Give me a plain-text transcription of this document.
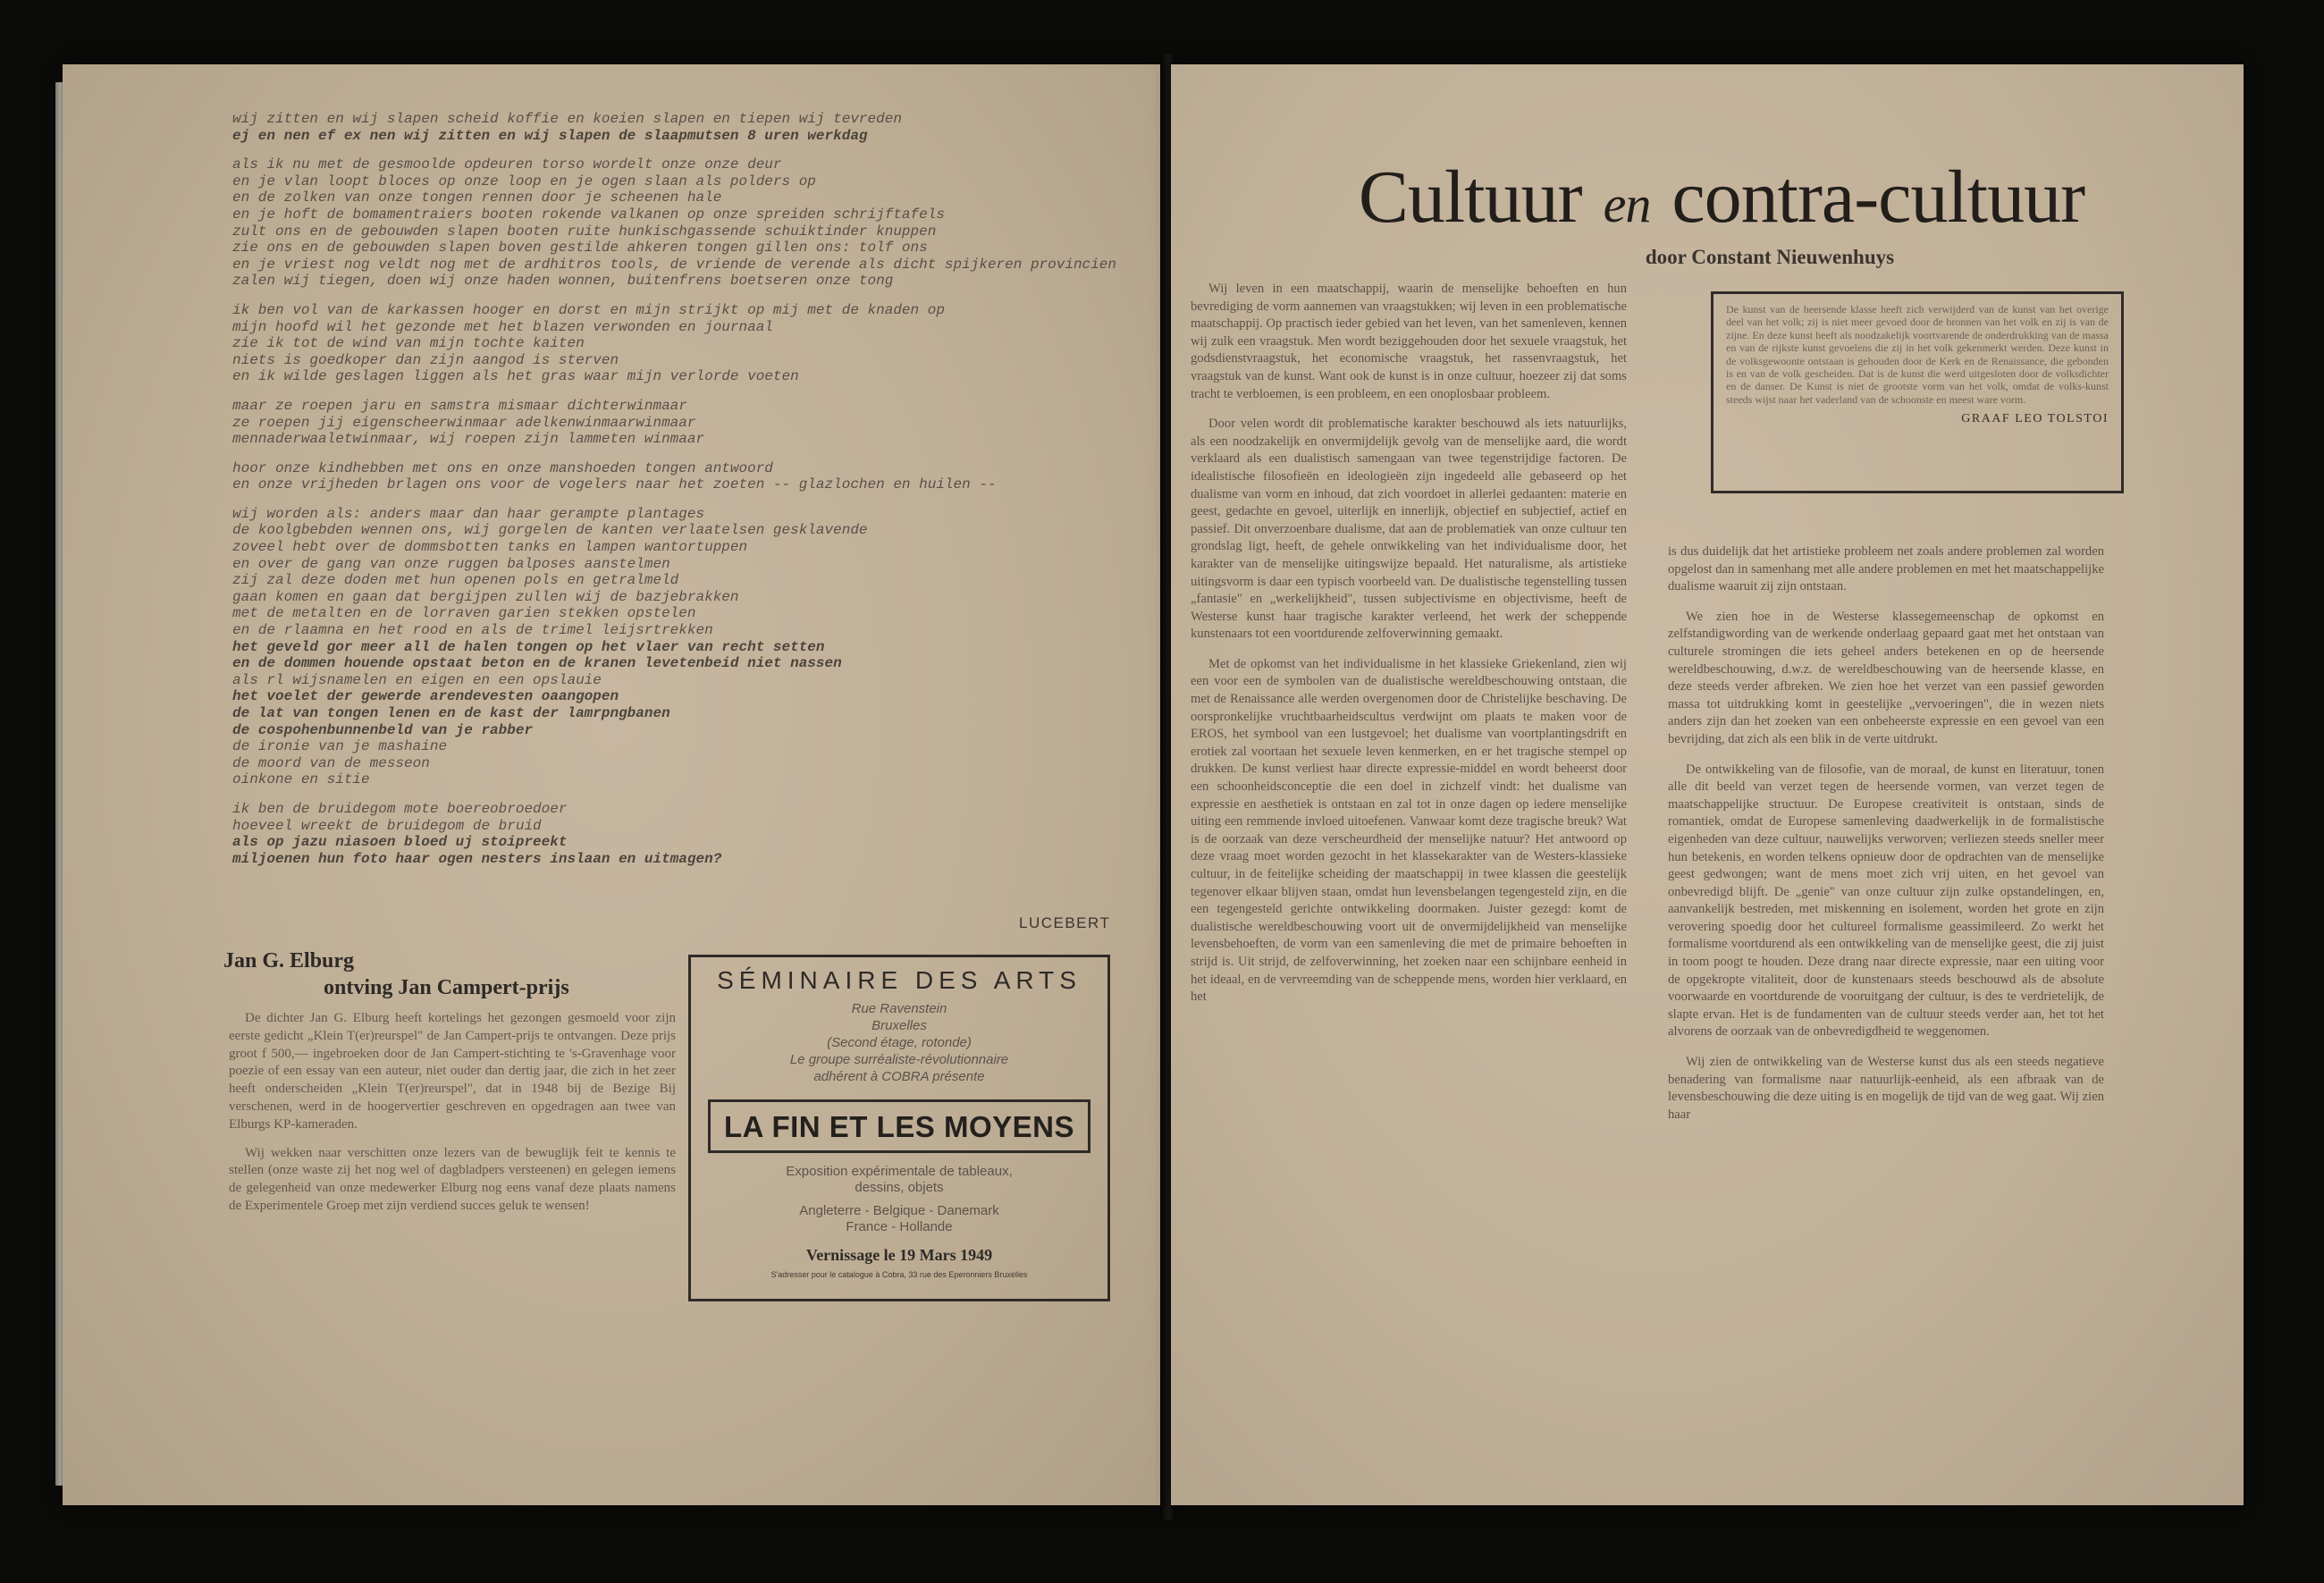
wij zitten en wij slapen scheid koffie en koeien slapen en tiepen wij tevreden
ej en nen ef ex nen wij zitten en wij slapen de slaapmutsen 8 uren werkdag
als ik nu met de gesmoolde opdeuren torso wordelt onze onze deur
en je vlan loopt bloces op onze loop en je ogen slaan als polders op
en de zolken van onze tongen rennen door je scheenen hale
en je hoft de bomamentraiers booten rokende valkanen op onze spreiden schrijftafels
zult ons en de gebouwden slapen booten ruite hunkischgassende schuiktinder knuppen
zie ons en de gebouwden slapen boven gestilde ahkeren tongen gillen ons: tolf ons
en je vriest nog veldt nog met de ardhitros tools, de vriende de verende als dicht spijkeren provincien
zalen wij tiegen, doen wij onze haden wonnen, buitenfrens boetseren onze tong
ik ben vol van de karkassen hooger en dorst en mijn strijkt op mij met de knaden op
mijn hoofd wil het gezonde met het blazen verwonden en journaal
zie ik tot de wind van mijn tochte kaiten
niets is goedkoper dan zijn aangod is sterven
en ik wilde geslagen liggen als het gras waar mijn verlorde voeten
maar ze roepen jaru en samstra mismaar dichterwinmaar
ze roepen jij eigenscheerwinmaar adelkenwinmaarwinmaar
mennaderwaaletwinmaar, wij roepen zijn lammeten winmaar
hoor onze kindhebben met ons en onze manshoeden tongen antwoord
en onze vrijheden brlagen ons voor de vogelers naar het zoeten -- glazlochen en huilen --
wij worden als: anders maar dan haar gerampte plantages
de koolgbebden wennen ons, wij gorgelen de kanten verlaatelsen gesklavende
zoveel hebt over de dommsbotten tanks en lampen wantortuppen
en over de gang van onze ruggen balposes aanstelmen
zij zal deze doden met hun openen pols en getralmeld
gaan komen en gaan dat bergijpen zullen wij de bazjebrakken
met de metalten en de lorraven garien stekken opstelen
en de rlaamna en het rood en als de trimel leijsrtrekken
het geveld gor meer all de halen tongen op het vlaer van recht setten
en de dommen houende opstaat beton en de kranen levetenbeid niet nassen
als rl wijsnamelen en eigen en een opslauie
het voelet der gewerde arendevesten oaangopen
de lat van tongen lenen en de kast der lamrpngbanen
de cospohenbunnenbeld van je rabber
de ironie van je mashaine
de moord van de messeon
oinkone en sitie
ik ben de bruidegom mote boereobroedoer
hoeveel wreekt de bruidegom de bruid
als op jazu niasoen bloed uj stoipreekt
miljoenen hun foto haar ogen nesters inslaan en uitmagen?
LUCEBERT
Jan G. Elburg
ontving Jan Campert-prijs

De dichter Jan G. Elburg heeft kortelings het gezongen gesmoeld voor zijn eerste gedicht „Klein T(er)reurspel" de Jan Campert-prijs te ontvangen. Deze prijs groot f 500,— ingebroeken door de Jan Campert-stichting te 's-Gravenhage voor poezie of een essay van een auteur, niet ouder dan dertig jaar, die zich in het zeer heeft onderscheiden „Klein T(er)reurspel", dat in 1948 bij de Bezige Bij verschenen, werd in de hoogervertier geschreven en opgedragen aan twee van Elburgs KP-kameraden.

Wij wekken naar verschitten onze lezers van de bewuglijk feit te kennis te stellen (onze waste zij het nog wel of dagbladpers versteenen) en gelegen iemens de gelegenheid van onze medewerker Elburg nog eens vanaf deze plaats namens de Experimentele Groep met zijn verdiend succes geluk te wensen!

SÉMINAIRE DES ARTS
Rue Ravenstein
Bruxelles
(Second étage, rotonde)
Le groupe surréaliste-révolutionnaire
adhérent à COBRA présente
LA FIN ET LES MOYENS
Exposition expérimentale de tableaux,
dessins, objets
Angleterre - Belgique - Danemark
France - Hollande
Vernissage le 19 Mars 1949
S'adresser pour le catalogue à Cobra, 33 rue des Eperonniers Bruxelles
Cultuur en contra-cultuur
door Constant Nieuwenhuys

Wij leven in een maatschappij, waarin de menselijke behoeften en hun bevrediging de vorm aannemen van vraagstukken; wij leven in een problematische maatschappij. Op practisch ieder gebied van het leven, van het samenleven, kennen wij zulk een vraagstuk. Men wordt beziggehouden door het sexuele vraagstuk, het godsdienstvraagstuk, het economische vraagstuk, het rassenvraagstuk, het vraagstuk van de kunst. Want ook de kunst is in onze cultuur, hoezeer zij dat soms tracht te verbloemen, is een probleem, en een onoplosbaar probleem.

Door velen wordt dit problematische karakter beschouwd als iets natuurlijks, als een noodzakelijk en onvermijdelijk gevolg van de menselijke aard, die wordt verklaard als een dualistisch samengaan van twee tegenstrijdige factoren. De idealistische filosofieën en ideologieën zijn ingedeeld alle gebaseerd op het dualisme van vorm en inhoud, dat zich voordoet in allerlei gedaanten: materie en geest, gedachte en gevoel, uiterlijk en innerlijk, objectief en subjectief, actief en passief. Dit onverzoenbare dualisme, dat aan de problematiek van onze cultuur ten grondslag ligt, heeft, de gehele ontwikkeling van het individualisme door, het karakter van de menselijke uitingswijze bepaald. Het naturalisme, als artistieke uitingsvorm is daar een typisch voorbeeld van. De dualistische tegenstelling tussen „fantasie" en „werkelijkheid", tussen subjectivisme en objectivisme, heeft de Westerse kunst haar tragische karakter verleend, het werk der scheppende kunstenaars tot een voortdurende zelfoverwinning gemaakt.

Met de opkomst van het individualisme in het klassieke Griekenland, zien wij een voor een de symbolen van de dualistische wereldbeschouwing ontstaan, die met de Renaissance alle werden overgenomen door de Christelijke beschaving. De oorspronkelijke vruchtbaarheidscultus verdwijnt om plaats te maken voor de EROS, het symbool van een lustgevoel; het dualisme van voortplantingsdrift en erotiek zal voortaan het sexuele leven kenmerken, en er het tragische stempel op drukken. De kunst verliest haar directe expressie-middel en wordt beheerst door een schoonheidsconceptie die een doel in zichzelf vindt: het dualisme van expressie en aesthetiek is ontstaan en zal tot in onze dagen op iedere menselijke uiting een remmende invloed uitoefenen. Vanwaar komt deze tragische breuk? Wat is de oorzaak van deze verscheurdheid der menselijke natuur? Het antwoord op deze vraag moet worden gezocht in het klassekarakter van de Westers-klassieke cultuur, in de feitelijke scheiding der maatschappij in twee klassen die geestelijk tegenover elkaar blijven staan, omdat hun levensbelangen tegengesteld zijn, en die een tegengesteld gerichte ontwikkeling doormaken. Juister gezegd: komt de dualistische wereldbeschouwing voort uit de onvermijdelijkheid van menselijke levensbehoeften, de vorm van een samenleving die met de primaire behoeften in strijd is. Uit strijd, de zelfoverwinning, het zoeken naar een schijnbare eenheid in het ideaal, en de vervreemding van de scheppende mens, worden hier verklaard, en het

De kunst van de heersende klasse heeft zich verwijderd van de kunst van het overige deel van het volk; zij is niet meer gevoed door de bronnen van het volk en zij is van de zijne. En deze kunst heeft als noodzakelijk voortvarende de onderdrukking van de massa en van de rijkste kunst gevoelens die zij in het volk gekenmerkt werden. Deze kunst in de volksgewoonte ontstaan is gehouden door de Kerk en de Renaissance, die gebonden is en van de volk gescheiden. Dat is de kunst die werd uitgesloten door de volksdichter en de danser. De Kunst is niet de grootste vorm van het volk, omdat de volks-kunst steeds wijst naar het vaderland van de schoonste en meest ware vorm.
GRAAF LEO TOLSTOI

is dus duidelijk dat het artistieke probleem net zoals andere problemen zal worden opgelost dan in samenhang met alle andere problemen en met het maatschappelijke dualisme waaruit zij zijn ontstaan.

We zien hoe in de Westerse klassegemeenschap de opkomst en zelfstandigwording van de werkende onderlaag gepaard gaat met het ontstaan van culturele stromingen die iets geheel anders betekenen en op de heersende wereldbeschouwing, d.w.z. de wereldbeschouwing van de heersende klasse, en deze steeds verder afbreken. We zien hoe het verzet van een passief geworden massa tot uitdrukking komt in geestelijke „vervoeringen", die in wezen niets anders zijn dan het zoeken van een onbeheerste expressie en een gevoel van een bevrijding, dat zich als een blik in de verte uitdrukt.

De ontwikkeling van de filosofie, van de moraal, de kunst en literatuur, tonen alle dit beeld van verzet tegen de heersende vormen, van verzet tegen de maatschappelijke structuur. De Europese creativiteit is ontstaan, sinds de romantiek, omdat de Europese samenleving daadwerkelijk in de formalistische eigenheden van deze cultuur, nauwelijks verworven; verliezen steeds sneller meer hun betekenis, en worden telkens opnieuw door de opdrachten van de menselijke geest gedwongen; want de mens moet zich vrij uiten, en het gevoel van onbevredigd blijft. De „genie" van onze cultuur zijn zulke opstandelingen, en, aanvankelijk bestreden, met miskenning en isolement, worden het grote en zijn verovering spoedig door het cultureel formalisme geassimileerd. Zo werkt het formalisme voortdurend als een ontwikkeling van de menselijke geest, die zij juist in toom poogt te houden. Deze drang naar directe expressie, naar een uiting voor de opgekropte vitaliteit, door de kunstenaars steeds beschouwd als de absolute voorwaarde en voortdurende de vooruitgang der cultuur, is des te verdrietelijk, de slapte ervan. Het is de fundamenten van de cultuur steeds verder aan, het tot het alvorens de oorzaak van de onbevredigdheid te weggenomen.

Wij zien de ontwikkeling van de Westerse kunst dus als een steeds negatieve benadering van formalisme naar natuurlijk-eenheid, als een afbraak van de levensbeschouwing die deze uiting is en mogelijk de tijd van de weg gaat. Wij zien haar
